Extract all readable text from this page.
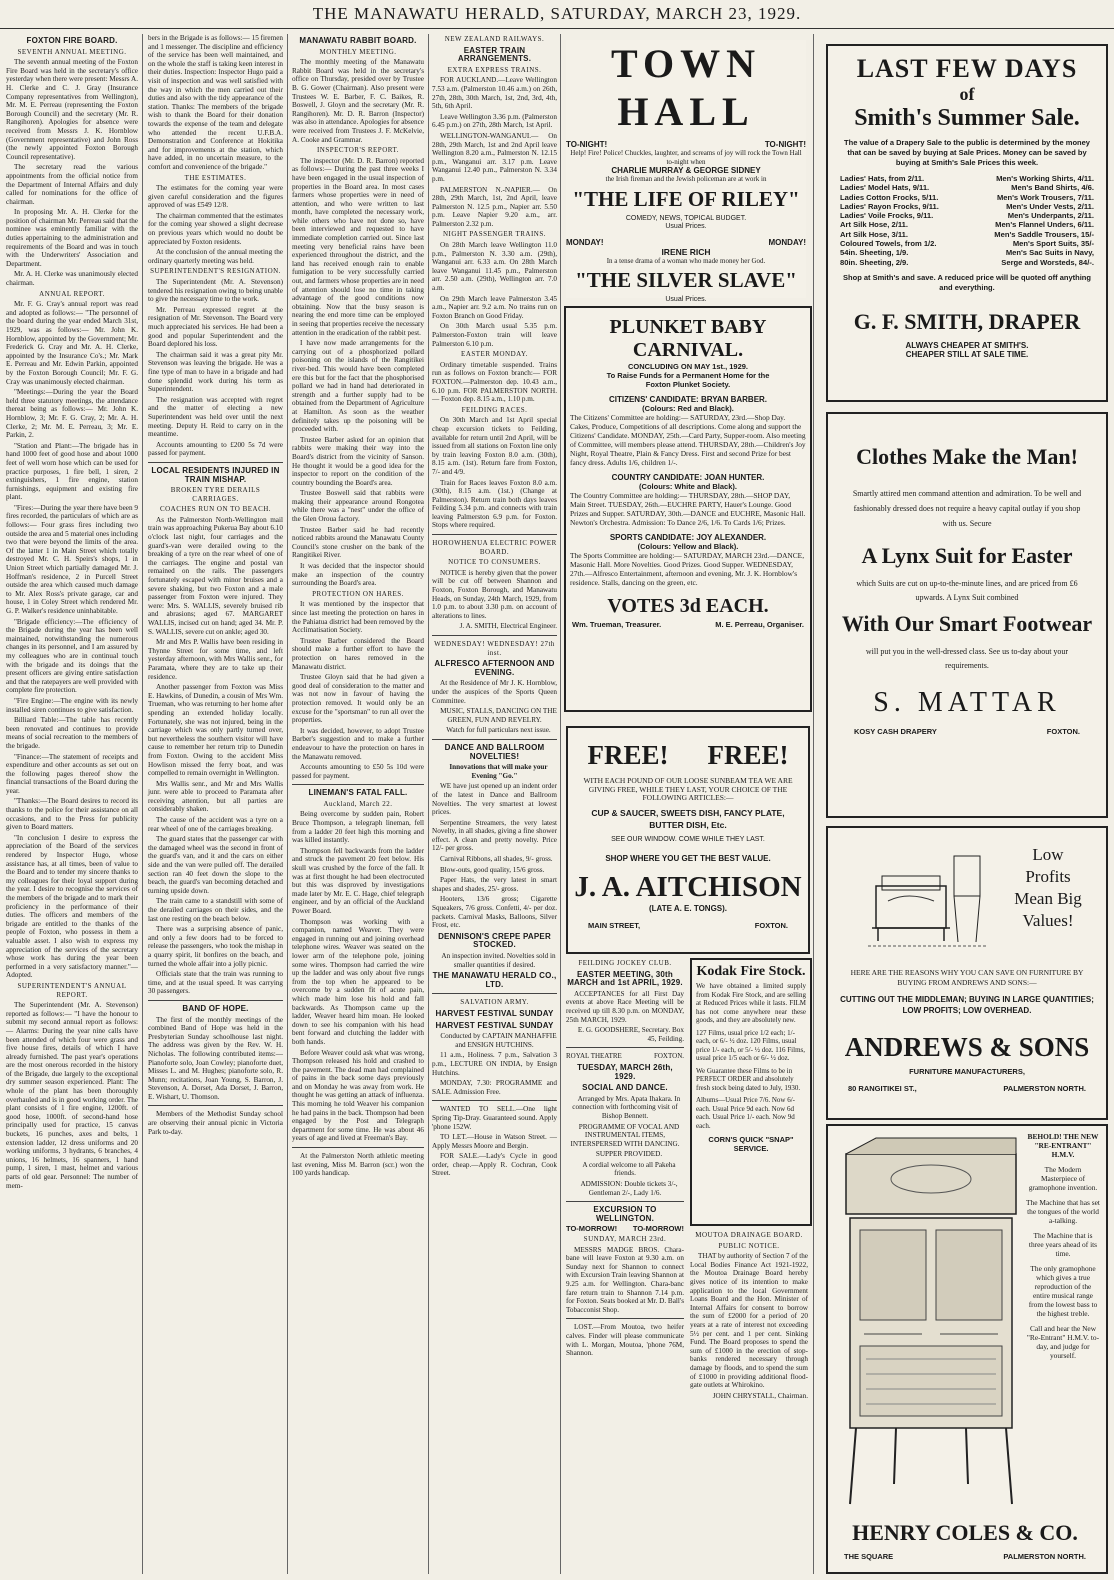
THE MANAWATU HERALD, SATURDAY, MARCH 23, 1929.
FOXTON FIRE BOARD.
SEVENTH ANNUAL MEETING.

The seventh annual meeting of the Foxton Fire Board was held in the secretary's office yesterday when there were present: Messrs A. H. Clerke and C. J. Gray (Insurance Company representatives from Wellington), Mr. M. E. Perreau (representing the Foxton Borough Council) and the secretary (Mr. R. Rangihoren). Apologies for absence were received from Messrs J. K. Hornblow (Government representative) and John Ross (the newly appointed Foxton Borough Council representative).

The secretary read the various appointments from the official notice from the Department of Internal Affairs and duly called for nominations for the office of chairman.

In proposing Mr. A. H. Clerke for the position of chairman Mr. Perreau said that the nominee was eminently familiar with the duties appertaining to the administration and requirements of the Board and was in touch with the Underwriters' Association and Department.

Mr. A. H. Clerke was unanimously elected chairman.

ANNUAL REPORT.

Mr. F. G. Cray's annual report was read and adopted as follows:— "The personnel of the board during the year ended March 31st, 1929, was as follows:— Mr. John K. Hornblow, appointed by the Government; Mr. Frederick G. Cray and Mr. A. H. Clerke, appointed by the Insurance Co's.; Mr. Mark E. Perreau and Mr. Edwin Parkin, appointed by the Foxton Borough Council; Mr. F. G. Cray was unanimously elected chairman.

"Meetings:—During the year the Board held three statutory meetings, the attendance thereat being as follows:— Mr. John K. Hornblow, 3; Mr. F. G. Cray, 2; Mr. A. H. Clerke, 2; Mr. M. E. Perreau, 3; Mr. E. Parkin, 2.

"Station and Plant:—The brigade has in hand 1000 feet of good hose and about 1000 feet of well worn hose which can be used for practice purposes, 1 fire bell, 1 siren, 2 extinguishers, 1 fire engine, station furnishings, equipment and existing fire plant.

"Fires:—During the year there have been 9 fires recorded, the particulars of which are as follows:— Four grass fires including two outside the area and 5 material ones including two that were beyond the limits of the area. Of the latter 1 in Main Street which totally destroyed Mr. C. H. Speirs's shops, 1 in Union Street which partially damaged Mr. J. Hoffman's residence, 2 in Purcell Street outside the area which caused much damage to Mr. Alex Ross's private garage, car and house, 1 in Coley Street which rendered Mr. G. P. Walker's residence uninhabitable.

"Brigade efficiency:—The efficiency of the Brigade during the year has been well maintained, notwithstanding the numerous changes in its personnel, and I am assured by my colleagues who are in continual touch with the brigade and its doings that the present officers are giving entire satisfaction and that the ratepayers are well provided with complete fire protection.

"Fire Engine:—The engine with its newly installed siren continues to give satisfaction.

Billiard Table:—The table has recently been renovated and continues to provide means of social recreation to the members of the brigade.

"Finance:—The statement of receipts and expenditure and other accounts as set out on the following pages thereof show the financial transactions of the Board during the year.

"Thanks:—The Board desires to record its thanks to the police for their assistance on all occasions, and to the Press for publicity given to Board matters.

"In conclusion I desire to express the appreciation of the Board of the services rendered by Inspector Hugo, whose assistance has, at all times, been of value to the Board and to tender my sincere thanks to my colleagues for their loyal support during the year. I desire to recognise the services of the members of the brigade and to mark their proficiency in the performance of their duties. The officers and members of the brigade are entitled to the thanks of the people of Foxton, who possess in them a valuable asset. I also wish to express my appreciation of the services of the secretary whose work has during the year been performed in a very satisfactory manner."— Adopted.

SUPERINTENDENT'S ANNUAL REPORT.

The Superintendent (Mr. A. Stevenson) reported as follows:— "I have the honour to submit my second annual report as follows:— Alarms: During the year nine calls have been attended of which four were grass and five house fires, details of which I have already furnished. The past year's operations are the most onerous recorded in the history of the Brigade, due largely to the exceptional dry summer season experienced. Plant: The whole of the plant has been thoroughly overhauled and is in good working order. The plant consists of 1 fire engine, 1200ft. of good hose, 1000ft. of second-hand hose principally used for practice, 15 canvas buckets, 16 punches, axes and belts, 1 extension ladder, 12 dress uniforms and 20 working uniforms, 3 hydrants, 6 branches, 4 unions, 16 helmets, 16 spanners, 1 hand pump, 1 siren, 1 mast, helmet and various parts of old gear. Personnel: The number of mem-

bers in the Brigade is as follows:— 15 firemen and 1 messenger. The discipline and efficiency of the service has been well maintained, and on the whole the staff is taking keen interest in their duties. Inspection: Inspector Hugo paid a visit of inspection and was well satisfied with the way in which the men carried out their duties and also with the tidy appearance of the station. Thanks: The members of the brigade wish to thank the Board for their donation towards the expense of the team and delegate who attended the recent U.F.B.A. Demonstration and Conference at Hokitika and for improvements at the station, which have added, in no uncertain measure, to the comfort and convenience of the brigade."

THE ESTIMATES.

The estimates for the coming year were given careful consideration and the figures approved of was £549 12/8.

The chairman commented that the estimates for the coming year showed a slight decrease on previous years which would no doubt be appreciated by Foxton residents.

At the conclusion of the annual meeting the ordinary quarterly meeting was held.

SUPERINTENDENT'S RESIGNATION.

The Superintendent (Mr. A. Stevenson) tendered his resignation owing to being unable to give the necessary time to the work.

Mr. Perreau expressed regret at the resignation of Mr. Stevenson. The Board very much appreciated his services. He had been a good and popular Superintendent and the Board deplored his loss.

The chairman said it was a great pity Mr. Stevenson was leaving the brigade. He was a fine type of man to have in a brigade and had done splendid work during his term as Superintendent.

The resignation was accepted with regret and the matter of electing a new Superintendent was held over until the next meeting. Deputy H. Reid to carry on in the meantime.

Accounts amounting to £200 5s 7d were passed for payment.

LOCAL RESIDENTS INJURED IN TRAIN MISHAP.
BROKEN TYRE DERAILS CARRIAGES.
COACHES RUN ON TO BEACH.

As the Palmerston North-Wellington mail train was approaching Pukerua Bay about 6.10 o'clock last night, four carriages and the guard's-van were derailed owing to the breaking of a tyre on the rear wheel of one of the carriages. The engine and postal van remained on the rails. The passengers fortunately escaped with minor bruises and a severe shaking, but two Foxton and a male passenger from Foxton were injured. They were: Mrs. S. WALLIS, severely bruised rib and abrasions; aged 67. MARGARET WALLIS, incised cut on hand; aged 34. Mr. P. S. WALLIS, severe cut on ankle; aged 30.

Mr and Mrs P. Wallis have been residing in Thynne Street for some time, and left yesterday afternoon, with Mrs Wallis senr., for Paramata, where they are to take up their residence.

Another passenger from Foxton was Miss E. Hawkins, of Dunedin, a cousin of Mrs Wm. Trueman, who was returning to her home after spending an extended holiday locally. Fortunately, she was not injured, being in the carriage which was only partly turned over, but nevertheless the southern visitor will have cause to remember her return trip to Dunedin from Foxton. Owing to the accident Miss Howlison missed the ferry boat, and was compelled to remain overnight in Wellington.

Mrs Wallis senr., and Mr and Mrs Wallis junr. were able to proceed to Paramata after receiving attention, but all parties are considerably shaken.

The cause of the accident was a tyre on a rear wheel of one of the carriages breaking.

The guard states that the passenger car with the damaged wheel was the second in front of the guard's van, and it and the cars on either side and the van were pulled off. The derailed section ran 40 feet down the slope to the beach, the guard's van becoming detached and turning upside down.

The train came to a standstill with some of the derailed carriages on their sides, and the last one resting on the beach below.

There was a surprising absence of panic, and only a few doors had to be forced to release the passengers, who took the mishap in a quarry spirit, lit bonfires on the beach, and turned the whole affair into a jolly picnic.

Officials state that the train was running to time, and at the usual speed. It was carrying 30 passengers.

BAND OF HOPE.

The first of the monthly meetings of the combined Band of Hope was held in the Presbyterian Sunday schoolhouse last night. The address was given by the Rev. W. H. Nicholas. The following contributed items:—Pianoforte solo, Joan Cowley; pianoforte duet, Misses L. and M. Hughes; pianoforte solo, R. Munn; recitations, Joan Young, S. Barron, J. Stevenson, A. Dorset, Ada Dorset, J. Barron, E. Wishart, U. Thomson.

Members of the Methodist Sunday school are observing their annual picnic in Victoria Park to-day.

MANAWATU RABBIT BOARD.
MONTHLY MEETING.

The monthly meeting of the Manawatu Rabbit Board was held in the secretary's office on Thursday, presided over by Trustee B. G. Gower (Chairman). Also present were Trustees W. E. Barber, F. C. Baikes, R. Boswell, J. Gloyn and the secretary (Mr. R. Rangihoren). Mr. D. R. Barron (Inspector) was also in attendance. Apologies for absence were received from Trustees J. F. McKelvie, A. Cooke and Grammar.

INSPECTOR'S REPORT.

The inspector (Mr. D. R. Barron) reported as follows:— During the past three weeks I have been engaged in the usual inspection of properties in the Board area. In most cases farmers whose properties were in need of attention, and who were written to last month, have completed the necessary work, while others who have not done so, have been interviewed and requested to have immediate completion carried out. Since last meeting very beneficial rains have been experienced throughout the district, and the land has received enough rain to enable fumigation to be very successfully carried out, and farmers whose properties are in need of attention should lose no time in taking advantage of the good conditions now obtaining. Now that the busy season is nearing the end more time can be employed in seeing that properties receive the necessary attention in the eradication of the rabbit pest.

I have now made arrangements for the carrying out of a phosphorized pollard poisoning on the islands of the Rangitikei river-bed. This would have been completed ere this but for the fact that the phosphorised pollard we had in hand had deteriorated in strength and a further supply had to be obtained from the Department of Agriculture at Hamilton. As soon as the weather definitely takes up the poisoning will be proceeded with.

Trustee Barber asked for an opinion that rabbits were making their way into the Board's district from the vicinity of Sanson. He thought it would be a good idea for the inspector to report on the condition of the country bounding the Board's area.

Trustee Boswell said that rabbits were making their appearance around Rongotea while there was a "nest" under the office of the Glen Oroua factory.

Trustee Barber said he had recently noticed rabbits around the Manawatu County Council's stone crusher on the bank of the Rangitikei River.

It was decided that the inspector should make an inspection of the country surrounding the Board's area.

PROTECTION ON HARES.

It was mentioned by the inspector that since last meeting the protection on hares in the Pahiatua district had been removed by the Acclimatisation Society.

Trustee Barber considered the Board should make a further effort to have the protection on hares removed in the Manawatu district.

Trustee Gloyn said that he had given a good deal of consideration to the matter and was not now in favour of having the protection removed. It would only be an excuse for the "sportsman" to run all over the properties.

It was decided, however, to adopt Trustee Barber's suggestion and to make a further endeavour to have the protection on hares in the Manawatu removed.

Accounts amounting to £50 5s 10d were passed for payment.

LINEMAN'S FATAL FALL.
Auckland, March 22.

Being overcome by sudden pain, Robert Bruce Thompson, a telegraph lineman, fell from a ladder 20 feet high this morning and was killed instantly.

Thompson fell backwards from the ladder and struck the pavement 20 feet below. His skull was crushed by the force of the fall. It was at first thought he had been electrocuted but this was disproved by investigations made later by Mr. E. C. Hage, chief telegraph engineer, and by an official of the Auckland Power Board.

Thompson was working with a companion, named Weaver. They were engaged in running out and joining overhead telephone wires. Weaver was seated on the lower arm of the telephone pole, joining some wires. Thompson had carried the wire up the ladder and was only about five rungs from the top when he appeared to be overcome by a sudden fit of acute pain, which made him lose his hold and fall backwards. As Thompson came up the ladder, Weaver heard him moan. He looked down to see his companion with his head bent forward and clutching the ladder with both hands.

Before Weaver could ask what was wrong, Thompson released his hold and crashed to the pavement. The dead man had complained of pains in the back some days previously and on Monday he was away from work. He thought he was getting an attack of influenza. This morning he told Weaver his companion he had pains in the back. Thompson had been engaged by the Post and Telegraph department for some time. He was about 46 years of age and lived at Freeman's Bay.

At the Palmerston North athletic meeting last evening, Miss M. Barron (scr.) won the 100 yards handicap.

NEW ZEALAND RAILWAYS.
EASTER TRAIN ARRANGEMENTS.
EXTRA EXPRESS TRAINS.

FOR AUCKLAND.—Leave Wellington 7.53 a.m. (Palmerston 10.46 a.m.) on 26th, 27th, 28th, 30th March, 1st, 2nd, 3rd, 4th, 5th, 6th April.

Leave Wellington 3.36 p.m. (Palmerston 6.45 p.m.) on 27th, 28th March, 1st April.

WELLINGTON-WANGANUI.— On 28th, 29th March, 1st and 2nd April leave Wellington 8.20 a.m., Palmerston N. 12.15 p.m., Wanganui arr. 3.17 p.m. Leave Wanganui 12.40 p.m., Palmerston N. 3.34 p.m.

PALMERSTON N.-NAPIER.— On 28th, 29th March, 1st, 2nd April, leave Palmerston N. 12.5 p.m., Napier arr. 5.50 p.m. Leave Napier 9.20 a.m., arr. Palmerston 2.32 p.m.

NIGHT PASSENGER TRAINS.

On 28th March leave Wellington 11.0 p.m., Palmerston N. 3.30 a.m. (29th), Wanganui arr. 6.33 a.m. On 28th March leave Wanganui 11.45 p.m., Palmerston arr. 2.50 a.m. (29th), Wellington arr. 7.0 a.m.

On 29th March leave Palmerston 3.45 a.m., Napier arr. 9.2 a.m. No trains run on Foxton Branch on Good Friday.

On 30th March usual 5.35 p.m. Palmerston-Foxton train will leave Palmerston 6.10 p.m.

EASTER MONDAY.

Ordinary timetable suspended. Trains run as follows on Foxton branch:— FOR FOXTON.—Palmerston dep. 10.43 a.m., 6.10 p.m. FOR PALMERSTON NORTH.— Foxton dep. 8.15 a.m., 1.10 p.m.

FEILDING RACES.

On 30th March and 1st April special cheap excursion tickets to Feilding, available for return until 2nd April, will be issued from all stations on Foxton line only by train leaving Foxton 8.0 a.m. (30th), 8.15 a.m. (1st). Return fare from Foxton, 7/- and 4/9.

Train for Races leaves Foxton 8.0 a.m. (30th), 8.15 a.m. (1st.) (Change at Palmerston). Return train both days leaves Feilding 5.34 p.m. and connects with train leaving Palmerston 6.9 p.m. for Foxton. Stops where required.

HOROWHENUA ELECTRIC POWER BOARD.
NOTICE TO CONSUMERS.

NOTICE is hereby given that the power will be cut off between Shannon and Foxton, Foxton Borough, and Manawatu Heads, on Sunday, 24th March, 1929, from 1.0 p.m. to about 3.30 p.m. on account of alterations to lines.

J. A. SMITH, Electrical Engineer.

WEDNESDAY! WEDNESDAY! 27th inst.
ALFRESCO AFTERNOON AND EVENING.

At the Residence of Mr J. K. Hornblow, under the auspices of the Sports Queen Committee.

MUSIC, STALLS, DANCING ON THE GREEN, FUN AND REVELRY.

Watch for full particulars next issue.

DANCE AND BALLROOM NOVELTIES!

Innovations that will make your Evening "Go."

WE have just opened up an indent order of the latest in Dance and Ballroom Novelties. The very smartest at lowest prices.

Serpentine Streamers, the very latest Novelty, in all shades, giving a fine shower effect. A clean and pretty novelty. Price 12/- per gross.

Carnival Ribbons, all shades, 9/- gross.

Blow-outs, good quality, 15/6 gross.

Paper Hats, the very latest in smart shapes and shades, 25/- gross.

Hooters, 13/6 gross; Cigarette Squeakers, 7/6 gross. Confetti, 4/- per doz. packets. Carnival Masks, Balloons, Silver Frost, etc.

DENNISON'S CREPE PAPER STOCKED.

An inspection invited. Novelties sold in smaller quantities if desired.

THE MANAWATU HERALD CO., LTD.
SALVATION ARMY.
HARVEST FESTIVAL SUNDAY
HARVEST FESTIVAL SUNDAY

Conducted by CAPTAIN MANHAFFIE and ENSIGN HUTCHINS.

11 a.m., Holiness. 7 p.m., Salvation 3 p.m., LECTURE ON INDIA, by Ensign Hutchins.

MONDAY, 7.30: PROGRAMME and SALE. Admission Free.

WANTED TO SELL.—One light Spring Tip-Dray. Guaranteed sound. Apply 'phone 152W.

TO LET.—House in Watson Street. —Apply Messrs Moore and Bergin.

FOR SALE.—Lady's Cycle in good order, cheap.—Apply R. Cochran, Cook Street.

TOWN HALL
TO-NIGHT!	TO-NIGHT!
Help! Fire! Police! Chuckles, laughter, and screams of joy will rock the Town Hall to-night when
CHARLIE MURRAY & GEORGE SIDNEY
the Irish fireman and the Jewish policeman are at work in
"THE LIFE OF RILEY"
COMEDY, NEWS, TOPICAL BUDGET.
Usual Prices.
MONDAY!	MONDAY!
IRENE RICH
In a tense drama of a woman who made money her God.
"THE SILVER SLAVE"
Usual Prices.
PLUNKET BABY CARNIVAL.
CONCLUDING ON MAY 1st., 1929.
To Raise Funds for a Permanent Home for the Foxton Plunket Society.
CITIZENS' CANDIDATE: BRYAN BARBER.
(Colours: Red and Black).
The Citizens' Committee are holding:— SATURDAY, 23rd.—Shop Day. Cakes, Produce, Competitions of all descriptions. Come along and support the Citizens' Candidate. MONDAY, 25th.—Card Party, Supper-room. Also meeting of Committee, will members please attend. THURSDAY, 28th.—Children's Joy Night, Royal Theatre, Plain & Fancy Dress. First and second Prize for best fancy dress. Adults 1/6, children 1/-.
COUNTRY CANDIDATE: JOAN HUNTER.
(Colours: White and Black).
The Country Committee are holding:— THURSDAY, 28th.—SHOP DAY, Main Street. TUESDAY, 26th.—EUCHRE PARTY, Hauer's Lounge. Good Prizes and Supper. SATURDAY, 30th.—DANCE and EUCHRE, Masonic Hall. Newton's Orchestra. Admission: To Dance 2/6, 1/6. To Cards 1/6; Prizes.
SPORTS CANDIDATE: JOY ALEXANDER.
(Colours: Yellow and Black).
The Sports Committee are holding:— SATURDAY, MARCH 23rd.—DANCE, Masonic Hall. More Novelties. Good Prizes. Good Supper. WEDNESDAY, 27th.—Alfresco Entertainment, afternoon and evening, Mr. J. K. Hornblow's residence. Stalls, dancing on the green, etc.
VOTES 3d EACH.
Wm. Trueman, Treasurer.	M. E. Perreau, Organiser.
FREE! FREE!
WITH EACH POUND OF OUR LOOSE SUNBEAM TEA WE ARE GIVING FREE, WHILE THEY LAST, YOUR CHOICE OF THE FOLLOWING ARTICLES:—
CUP & SAUCER, SWEETS DISH, FANCY PLATE, BUTTER DISH, Etc.
SEE OUR WINDOW. COME WHILE THEY LAST.
SHOP WHERE YOU GET THE BEST VALUE.
J. A. AITCHISON
(LATE A. E. TONGS).
MAIN STREET,	FOXTON.
FEILDING JOCKEY CLUB.
EASTER MEETING, 30th MARCH and 1st APRIL, 1929.

ACCEPTANCES for all First Day events at above Race Meeting will be received up till 8.30 p.m. on MONDAY, 25th MARCH, 1929.

E. G. GOODSHERE, Secretary. Box 45, Feilding.

ROYAL THEATRE	FOXTON.
TUESDAY, MARCH 26th, 1929.
SOCIAL AND DANCE.

Arranged by Mrs. Apata Ihakara. In connection with forthcoming visit of Bishop Bennett.

PROGRAMME OF VOCAL AND INSTRUMENTAL ITEMS, INTERSPERSED WITH DANCING.

SUPPER PROVIDED.

A cordial welcome to all Pakeha friends.

ADMISSION: Double tickets 3/-, Gentleman 2/-, Lady 1/6.

EXCURSION TO WELLINGTON.
TO-MORROW! TO-MORROW!
SUNDAY, MARCH 23rd.

MESSRS MADGE BROS. Chara-bane will leave Foxton at 9.30 a.m. on Sunday next for Shannon to connect with Excursion Train leaving Shannon at 9.25 a.m. for Wellington. Chara-banc fare return train to Shannon 7.14 p.m. for Foxton. Seats booked at Mr. D. Ball's Tobacconist Shop.

LOST.—From Moutoa, two heifer calves. Finder will please communicate with L. Morgan, Moutoa, 'phone 76M, Shannon.

Kodak Fire Stock.
We have obtained a limited supply from Kodak Fire Stock, and are selling at Reduced Prices while it lasts. FILM has not come anywhere near these goods, and they are absolutely new.
127 Films, usual price 1/2 each; 1/- each, or 6/- ½ doz. 120 Films, usual price 1/- each, or 5/- ½ doz. 116 Films, usual price 1/5 each or 6/- ½ doz.
We Guarantee these Films to be in PERFECT ORDER and absolutely fresh stock being dated to July, 1930.
Albums—Usual Price 7/6. Now 6/- each. Usual Price 9d each. Now 6d each. Usual Price 1/- each. Now 9d each.
CORN'S QUICK "SNAP" SERVICE.
MOUTOA DRAINAGE BOARD.
PUBLIC NOTICE.

THAT by authority of Section 7 of the Local Bodies Finance Act 1921-1922, the Moutoa Drainage Board hereby gives notice of its intention to make application to the local Government Loans Board and the Hon. Minister of Internal Affairs for consent to borrow the sum of £2000 for a period of 20 years at a rate of interest not exceeding 5½ per cent. and 1 per cent. Sinking Fund. The Board proposes to spend the sum of £1000 in the erection of stop-banks rendered necessary through damage by floods, and to spend the sum of £1000 in providing additional flood-gate outlets at Whirokino.

JOHN CHRYSTALL, Chairman.

LAST FEW DAYS
of
Smith's Summer Sale.
The value of a Drapery Sale to the public is determined by the money that can be saved by buying at Sale Prices. Money can be saved by buying at Smith's Sale Prices this week.
Ladies' Hats, from 2/11.
Ladies' Model Hats, 9/11.
Ladies Cotton Frocks, 5/11.
Ladies' Rayon Frocks, 9/11.
Ladies' Voile Frocks, 9/11.
Art Silk Hose, 2/11.
Art Silk Hose, 3/11.
Coloured Towels, from 1/2.
54in. Sheeting, 1/9.
80in. Sheeting, 2/9.
Men's Working Shirts, 4/11.
Men's Band Shirts, 4/6.
Men's Work Trousers, 7/11.
Men's Under Vests, 2/11.
Men's Underpants, 2/11.
Men's Flannel Unders, 6/11.
Men's Saddle Trousers, 15/-
Men's Sport Suits, 35/-
Men's Sac Suits in Navy,
Serge and Worsteds, 84/-.
Shop at Smith's and save. A reduced price will be quoted off anything and everything.
G. F. SMITH, DRAPER
ALWAYS CHEAPER AT SMITH'S.
CHEAPER STILL AT SALE TIME.
Clothes Make the Man!
Smartly attired men command attention and admiration. To be well and fashionably dressed does not require a heavy capital outlay if you shop with us. Secure
A Lynx Suit for Easter
which Suits are cut on up-to-the-minute lines, and are priced from £6 upwards. A Lynx Suit combined
With Our Smart Footwear
will put you in the well-dressed class. See us to-day about your requirements.
S. MATTAR
KOSY CASH DRAPERY	FOXTON.
Low
Profits
Mean Big
Values!
HERE ARE THE REASONS WHY YOU CAN SAVE ON FURNITURE BY BUYING FROM ANDREWS AND SONS:—
CUTTING OUT THE MIDDLEMAN; BUYING IN LARGE QUANTITIES; LOW PROFITS; LOW OVERHEAD.
ANDREWS & SONS
FURNITURE MANUFACTURERS,
80 RANGITIKEI ST.,	PALMERSTON NORTH.
BEHOLD! THE NEW "RE-ENTRANT" H.M.V.
The Modern Masterpiece of gramophone invention.
The Machine that has set the tongues of the world a-talking.
The Machine that is three years ahead of its time.
The only gramophone which gives a true reproduction of the entire musical range from the lowest bass to the highest treble.
Call and hear the New "Re-Entrant" H.M.V. to-day, and judge for yourself.
HENRY COLES & CO.
THE SQUARE	PALMERSTON NORTH.
